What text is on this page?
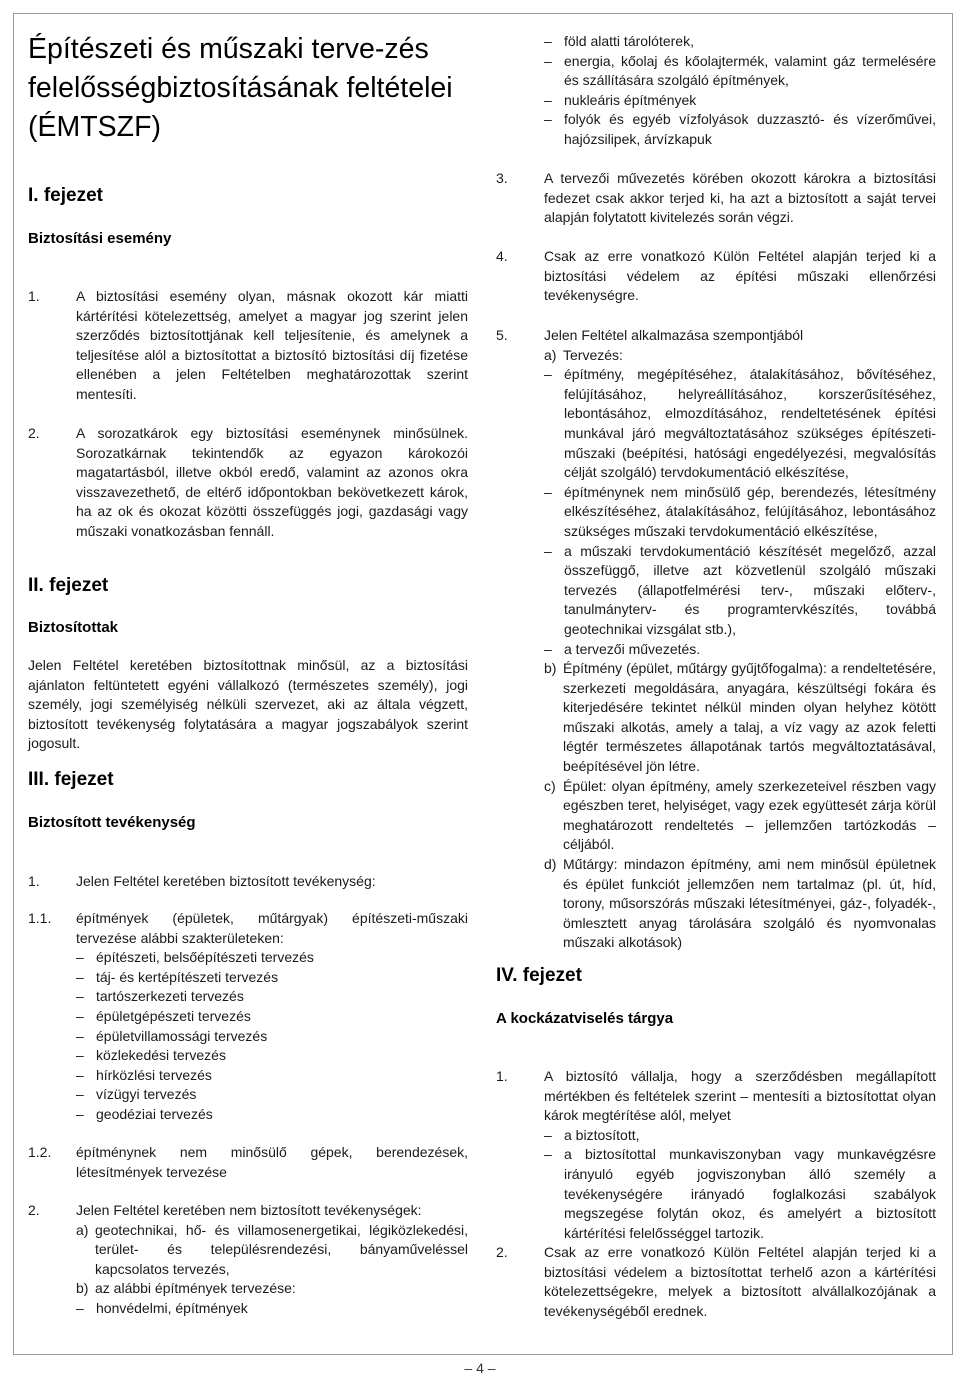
Építészeti és műszaki terve-zés felelősségbiztosításának feltételei (ÉMTSZF)
I. fejezet
Biztosítási esemény
1.	A biztosítási esemény olyan, másnak okozott kár miatti kártérítési kötelezettség, amelyet a magyar jog szerint jelen szerződés biztosítottjának kell teljesítenie, és amelynek a teljesítése alól a biztosítottat a biztosító biztosítási díj fizetése ellenében a jelen Feltételben meghatározottak szerint mentesíti.

2.	A sorozatkárok egy biztosítási eseménynek minősülnek. Sorozatkárnak tekintendők az egyazon károkozói magatartásból, illetve okból eredő, valamint az azonos okra visszavezethető, de eltérő időpontokban bekövetkezett károk, ha az ok és okozat közötti összefüggés jogi, gazdasági vagy műszaki vonatkozásban fennáll.

II. fejezet
Biztosítottak

Jelen Feltétel keretében biztosítottnak minősül, az a biztosítási ajánlaton feltüntetett egyéni vállalkozó (természetes személy), jogi személy, jogi személyiség nélküli szervezet, aki az általa végzett, biztosított tevékenység folytatására a magyar jogszabályok szerint jogosult.

III. fejezet
Biztosított tevékenység
1.	Jelen Feltétel keretében biztosított tevékenység:

1.1.	építmények (épületek, műtárgyak) építészeti-műszaki tervezése alábbi szakterületeken:

– építészeti, belsőépítészeti tervezés
– táj- és kertépítészeti tervezés
– tartószerkezeti tervezés
– épületgépészeti tervezés
– épületvillamossági tervezés
– közlekedési tervezés
– hírközlési tervezés
– vízügyi tervezés
– geodéziai tervezés
1.2.	építménynek nem minősülő gépek, berendezések, létesítmények tervezése

2.	Jelen Feltétel keretében nem biztosított tevékenységek:

a) geotechnikai, hő- és villamosenergetikai, légiközlekedési, terület- és településrendezési, bányaműveléssel kapcsolatos tervezés,
b) az alábbi építmények tervezése:
– honvédelmi, építmények
– föld alatti tárolóterek,
– energia, kőolaj és kőolajtermék, valamint gáz termelésére és szállítására szolgáló építmények,
– nukleáris építmények
– folyók és egyéb vízfolyások duzzasztó- és vízerőművei, hajózsilipek, árvízkapuk
3.	A tervezői művezetés körében okozott károkra a biztosítási fedezet csak akkor terjed ki, ha azt a biztosított a saját tervei alapján folytatott kivitelezés során végzi.

4.	Csak az erre vonatkozó Külön Feltétel alapján terjed ki a biztosítási védelem az építési műszaki ellenőrzési tevékenységre.

5.	Jelen Feltétel alkalmazása szempontjából

a) Tervezés:
– építmény, megépítéséhez, átalakításához, bővítéséhez, felújításához, helyreállításához, korszerűsítéséhez, lebontásához, elmozdításához, rendeltetésének építési munkával járó megváltoztatásához szükséges építészeti-műszaki (beépítési, hatósági engedélyezési, megvalósítás célját szolgáló) tervdokumentáció elkészítése,
– építménynek nem minősülő gép, berendezés, létesítmény elkészítéséhez, átalakításához, felújításához, lebontásához szükséges műszaki tervdokumentáció elkészítése,
– a műszaki tervdokumentáció készítését megelőző, azzal összefüggő, illetve azt közvetlenül szolgáló műszaki tervezés (állapotfelmérési terv-, műszaki előterv-, tanulmányterv- és programtervkészítés, továbbá geotechnikai vizsgálat stb.),
– a tervezői művezetés.
b) Építmény (épület, műtárgy gyűjtőfogalma): a rendeltetésére, szerkezeti megoldására, anyagára, készültségi fokára és kiterjedésére tekintet nélkül minden olyan helyhez kötött műszaki alkotás, amely a talaj, a víz vagy az azok feletti légtér természetes állapotának tartós megváltoztatásával, beépítésével jön létre.
c) Épület: olyan építmény, amely szerkezeteivel részben vagy egészben teret, helyiséget, vagy ezek együttesét zárja körül meghatározott rendeltetés – jellemzően tartózkodás – céljából.
d) Műtárgy: mindazon építmény, ami nem minősül épületnek és épület funkciót jellemzően nem tartalmaz (pl. út, híd, torony, műsorszórás műszaki létesítményei, gáz-, folyadék-, ömlesztett anyag tárolására szolgáló és nyomvonalas műszaki alkotások)
IV. fejezet
A kockázatviselés tárgya
1.	A biztosító vállalja, hogy a szerződésben megállapított mértékben és feltételek szerint – mentesíti a biztosítottat olyan károk megtérítése alól, melyet

– a biztosított,
– a biztosítottal munkaviszonyban vagy munkavégzésre irányuló egyéb jogviszonyban álló személy a tevékenységére irányadó foglalkozási szabályok megszegése folytán okoz, és amelyért a biztosított kártérítési felelősséggel tartozik.
2.	Csak az erre vonatkozó Külön Feltétel alapján terjed ki a biztosítási védelem a biztosítottat terhelő azon a kártérítési kötelezettségekre, melyek a biztosított alvállalkozójának a tevékenységéből erednek.

– 4 –
